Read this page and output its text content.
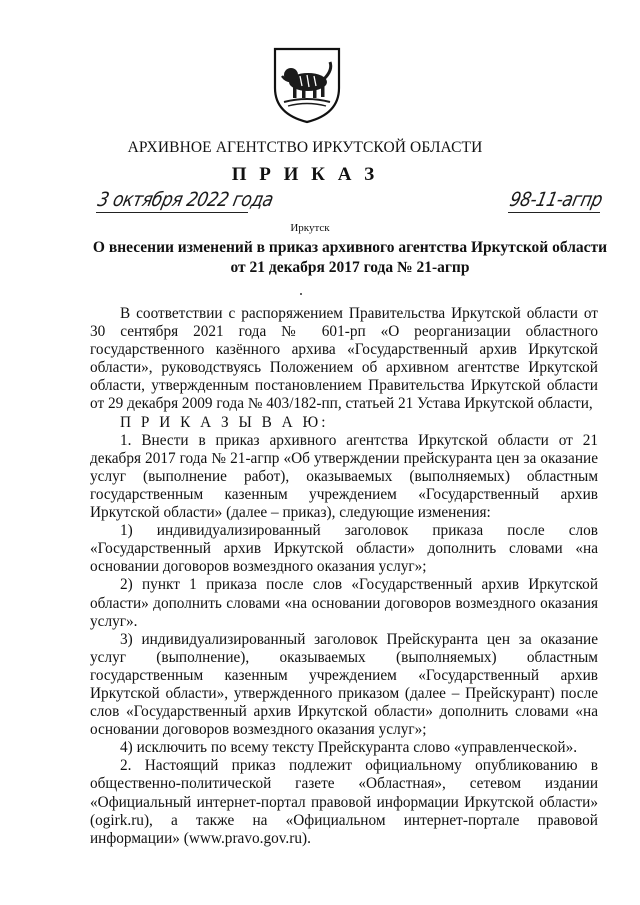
АРХИВНОЕ АГЕНТСТВО ИРКУТСКОЙ ОБЛАСТИ
П Р И К А З
3 октября 2022 года	98-11-агпр
Иркутск
О внесении изменений в приказ архивного агентства Иркутской области
от 21 декабря 2017 года № 21-агпр

В соответствии с распоряжением Правительства Иркутской области от 30 сентября 2021 года № 601-рп «О реорганизации областного государственного казённого архива «Государственный архив Иркутской области», руководствуясь Положением об архивном агентстве Иркутской области, утвержденным постановлением Правительства Иркутской области от 29 декабря 2009 года № 403/182-пп, статьей 21 Устава Иркутской области,

П Р И К А З Ы В А Ю:

1. Внести в приказ архивного агентства Иркутской области от 21 декабря 2017 года № 21-агпр «Об утверждении прейскуранта цен за оказание услуг (выполнение работ), оказываемых (выполняемых) областным государственным казенным учреждением «Государственный архив Иркутской области» (далее – приказ), следующие изменения:

1) индивидуализированный заголовок приказа после слов «Государственный архив Иркутской области» дополнить словами «на основании договоров возмездного оказания услуг»;

2) пункт 1 приказа после слов «Государственный архив Иркутской области» дополнить словами «на основании договоров возмездного оказания услуг».

3) индивидуализированный заголовок Прейскуранта цен за оказание услуг (выполнение), оказываемых (выполняемых) областным государственным казенным учреждением «Государственный архив Иркутской области», утвержденного приказом (далее – Прейскурант) после слов «Государственный архив Иркутской области» дополнить словами «на основании договоров возмездного оказания услуг»;

4) исключить по всему тексту Прейскуранта слово «управленческой».

2. Настоящий приказ подлежит официальному опубликованию в общественно-политической газете «Областная», сетевом издании «Официальный интернет-портал правовой информации Иркутской области» (ogirk.ru), а также на «Официальном интернет-портале правовой информации» (www.pravo.gov.ru).
